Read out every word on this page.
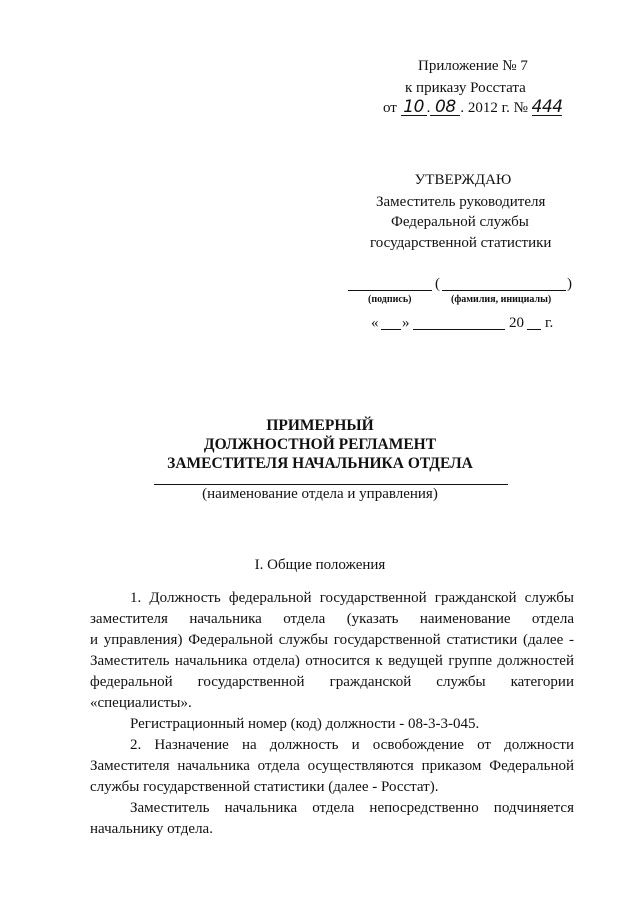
Приложение № 7
к приказу Росстата
от 10 . 08 . 2012 г. № 444
УТВЕРЖДАЮ
Заместитель руководителя
Федеральной службы
государственной статистики
(	)
(подпись)	(фамилия, инициалы)
« »	20 г.
ПРИМЕРНЫЙ
ДОЛЖНОСТНОЙ РЕГЛАМЕНТ
ЗАМЕСТИТЕЛЯ НАЧАЛЬНИКА ОТДЕЛА
(наименование отдела и управления)
I. Общие положения
1. Должность федеральной государственной гражданской службы
заместителя начальника отдела (указать наименование отдела
и управления) Федеральной службы государственной статистики (далее -
Заместитель начальника отдела) относится к ведущей группе должностей
федеральной государственной гражданской службы категории
«специалисты».
Регистрационный номер (код) должности - 08-3-3-045.
2. Назначение на должность и освобождение от должности
Заместителя начальника отдела осуществляются приказом Федеральной
службы государственной статистики (далее - Росстат).
Заместитель начальника отдела непосредственно подчиняется
начальнику отдела.
